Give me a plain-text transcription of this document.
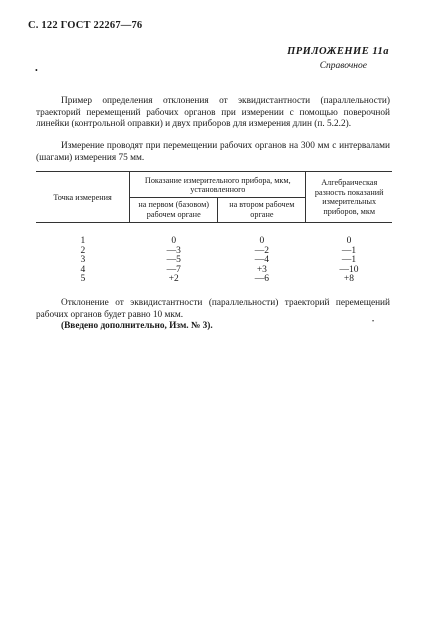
С. 122 ГОСТ 22267—76
ПРИЛОЖЕНИЕ 11а
Справочное
•
Пример определения отклонения от эквидистантности (параллельности) траекторий перемещений рабочих органов при измерении с помощью поверочной линейки (контрольной оправки) и двух приборов для измерения длин (п. 5.2.2).
Измерение проводят при перемещении рабочих органов на 300 мм с интервалами (шагами) измерения 75 мм.
Точка измерения	Показание измерительного прибора, мкм, установленного		Алгебраическая разность показаний измерительных приборов, мкм
	на первом (базовом) рабочем органе	на втором рабочем органе	
1	0	0	0
2	—3	—2	—1
3	—5	—4	—1
4	—7	+3	—10
5	+2	—6	+8
Отклонение от эквидистантности (параллельности) траекторий перемещений рабочих органов будет равно 10 мкм.
(Введено дополнительно, Изм. № 3).	•
